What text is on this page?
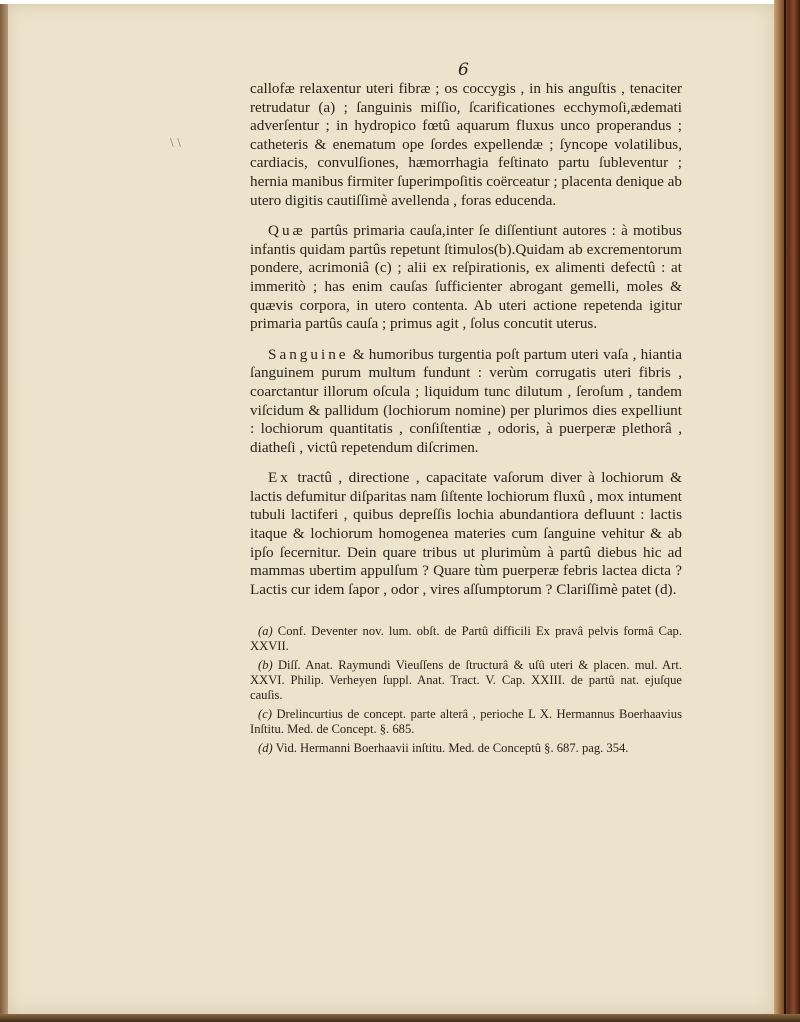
6
\ \

callofæ relaxentur uteri fibræ ; os coccygis , in his anguſtis , tenaciter retrudatur (a) ; ſanguinis miſſio, ſcarificationes ecchymoſi,ædemati adverſentur ; in hydropico fœtû aquarum fluxus unco properandus ; catheteris & enematum ope ſordes expellendæ ; ſyncope volatilibus, cardiacis, convulſiones, hæmorrhagia feſtinato partu ſubleventur ; hernia manibus firmiter ſuperimpoſitis coërceatur ; placenta denique ab utero digitis cautiſſimè avellenda , foras educenda.

Quæ partûs primaria cauſa,inter ſe diſſentiunt autores : à motibus infantis quidam partûs repetunt ſtimulos(b).Quidam ab excrementorum pondere, acrimoniâ (c) ; alii ex reſpirationis, ex alimenti defectû : at immeritò ; has enim cauſas ſufficienter abrogant gemelli, moles & quævis corpora, in utero contenta. Ab uteri actione repetenda igitur primaria partûs cauſa ; primus agit , ſolus concutit uterus.

Sanguine & humoribus turgentia poſt partum uteri vaſa , hiantia ſanguinem purum multum fundunt : verùm corrugatis uteri fibris , coarctantur illorum oſcula ; liquidum tunc dilutum , ſeroſum , tandem viſcidum & pallidum (lochiorum nomine) per plurimos dies expelliunt : lochiorum quantitatis , conſiſtentiæ , odoris, à puerperæ plethorâ , diatheſi , victû repetendum diſcrimen.

Ex tractû , directione , capacitate vaſorum diver à lochiorum & lactis defumitur diſparitas nam ſiſtente lochiorum fluxû , mox intument tubuli lactiferi , quibus depreſſis lochia abundantiora defluunt : lactis itaque & lochiorum homogenea materies cum ſanguine vehitur & ab ipſo ſecernitur. Dein quare tribus ut plurimùm à partû diebus hic ad mammas ubertim appulſum ? Quare tùm puerperæ febris lactea dicta ? Lactis cur idem ſapor , odor , vires aſſumptorum ? Clariſſimè patet (d).

(a) Conf. Deventer nov. lum. obſt. de Partû difficili Ex pravâ pelvis formâ Cap. XXVII.

(b) Diſſ. Anat. Raymundi Vieuſſens de ſtructurâ & uſû uteri & placen. mul. Art. XXVI. Philip. Verheyen ſuppl. Anat. Tract. V. Cap. XXIII. de partû nat. ejuſque cauſis.

(c) Drelincurtius de concept. parte alterâ , perioche L X. Hermannus Boerhaavius Inſtitu. Med. de Concept. §. 685.

(d) Vid. Hermanni Boerhaavii inſtitu. Med. de Conceptû §. 687. pag. 354.
